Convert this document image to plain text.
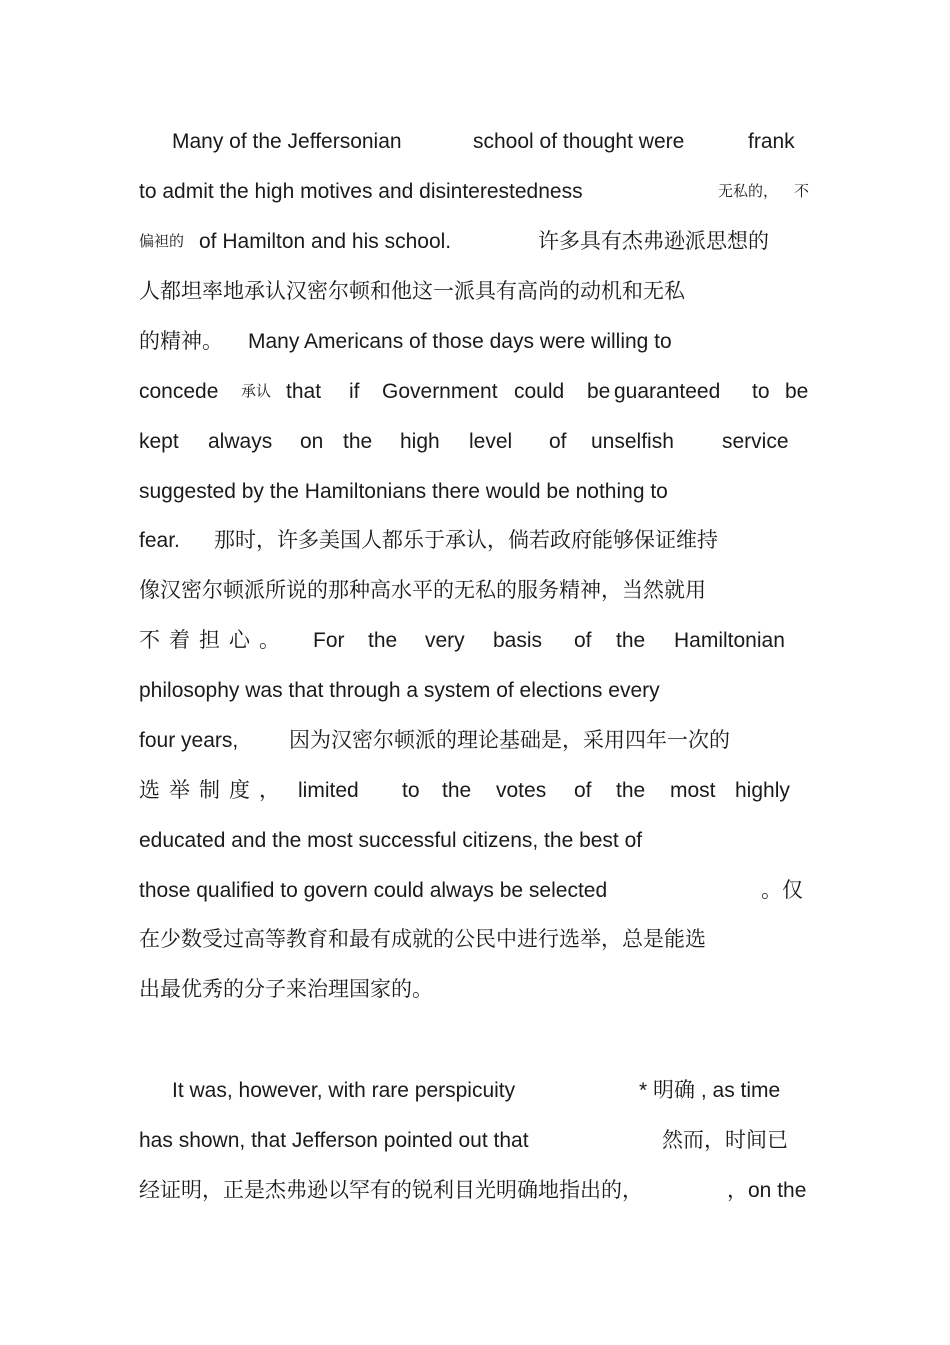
Many of the Jeffersonian	school of thought were	frank
to admit the high motives and disinterestedness	无私的， 不
偏袒的 of Hamilton and his school.	许多具有杰弗逊派思想的
人都坦率地承认汉密尔顿和他这一派具有高尚的动机和无私
的精神。 Many Americans of those days were willing to
concede 承认 that if Government could be guaranteed to be
kept always on the high level of unselfish service
suggested by the Hamiltonians there would be nothing to
fear. 那时，许多美国人都乐于承认，倘若政府能够保证维持
像汉密尔顿派所说的那种高水平的无私的服务精神，当然就用
不着担心。 For the very basis of the Hamiltonian
philosophy was that through a system of elections every
four years, 因为汉密尔顿派的理论基础是，采用四年一次的
选举制度， limited to the votes of the most highly
educated and the most successful citizens, the best of
those qualified to govern could always be selected	。仅
在少数受过高等教育和最有成就的公民中进行选举，总是能选
出最优秀的分子来治理国家的。
It was, however, with rare perspicuity	* 明确 , as time
has shown, that Jefferson pointed out that	然而，时间已
经证明，正是杰弗逊以罕有的锐利目光明确地指出的，	，on the
